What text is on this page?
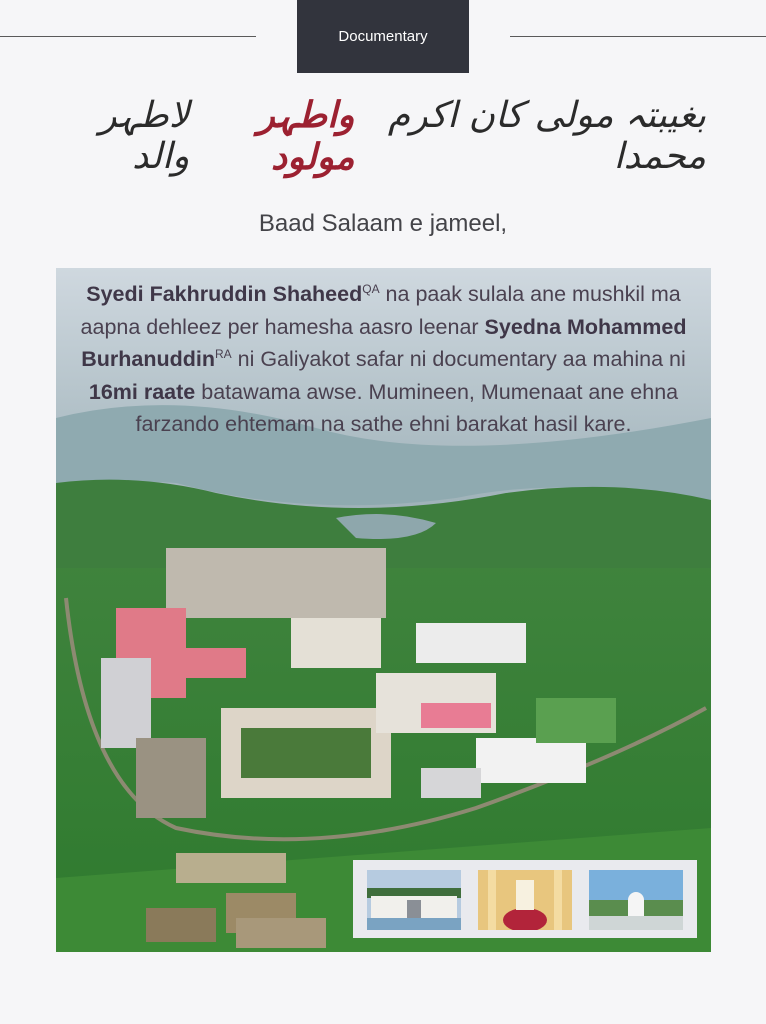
Documentary
بغیبتہ مولی کان اکرم محمدا
واطہر مولود
لاطہر والد
Baad Salaam e jameel,
Syedi Fakhruddin Shaheed$^{QA}$ na paak sulala ane mushkil ma aapna dehleez per hamesha aasro leenar Syedna Mohammed Burhanuddin$^{RA}$ ni Galiyakot safar ni documentary aa mahina ni 16mi raate batawama awse. Mumineen, Mumenaat ane ehna farzando ehtemam na sathe ehni barakat hasil kare.
